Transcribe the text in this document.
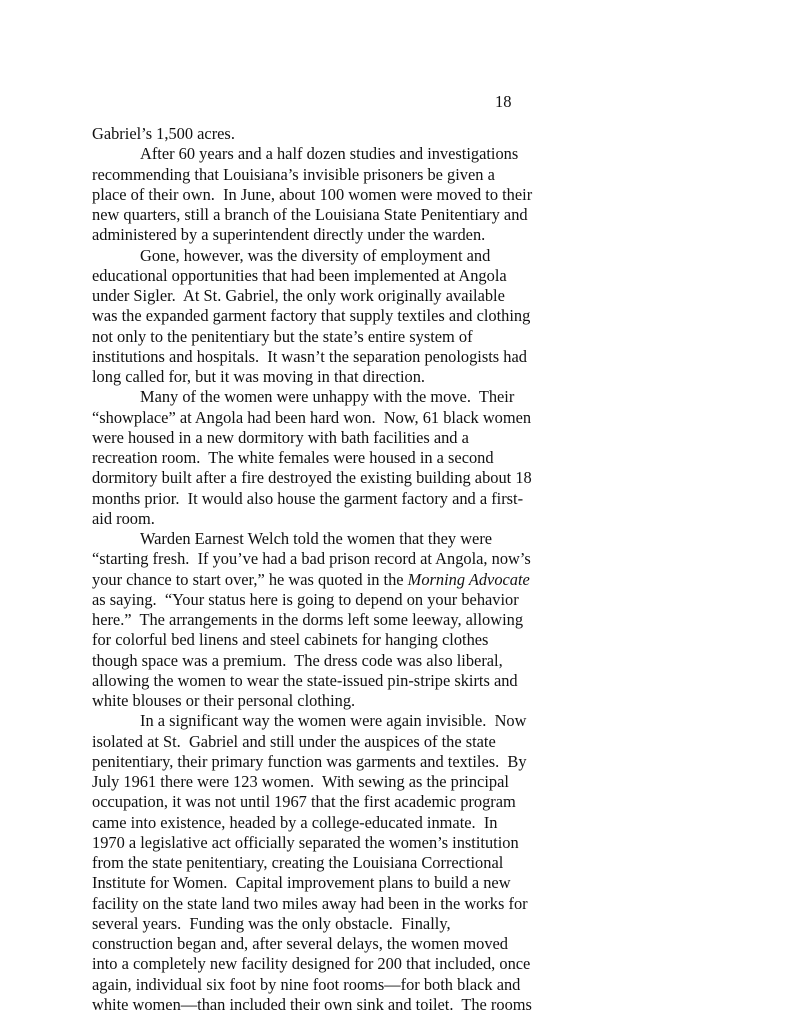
18
Gabriel’s 1,500 acres.
After 60 years and a half dozen studies and investigations
recommending that Louisiana’s invisible prisoners be given a
place of their own.  In June, about 100 women were moved to their
new quarters, still a branch of the Louisiana State Penitentiary and
administered by a superintendent directly under the warden.
Gone, however, was the diversity of employment and
educational opportunities that had been implemented at Angola
under Sigler.  At St. Gabriel, the only work originally available
was the expanded garment factory that supply textiles and clothing
not only to the penitentiary but the state’s entire system of
institutions and hospitals.  It wasn’t the separation penologists had
long called for, but it was moving in that direction.
Many of the women were unhappy with the move.  Their
“showplace” at Angola had been hard won.  Now, 61 black women
were housed in a new dormitory with bath facilities and a
recreation room.  The white females were housed in a second
dormitory built after a fire destroyed the existing building about 18
months prior.  It would also house the garment factory and a first-
aid room.
Warden Earnest Welch told the women that they were
“starting fresh.  If you’ve had a bad prison record at Angola, now’s
your chance to start over,” he was quoted in the Morning Advocate
as saying.  “Your status here is going to depend on your behavior
here.”  The arrangements in the dorms left some leeway, allowing
for colorful bed linens and steel cabinets for hanging clothes
though space was a premium.  The dress code was also liberal,
allowing the women to wear the state-issued pin-stripe skirts and
white blouses or their personal clothing.
In a significant way the women were again invisible.  Now
isolated at St.  Gabriel and still under the auspices of the state
penitentiary, their primary function was garments and textiles.  By
July 1961 there were 123 women.  With sewing as the principal
occupation, it was not until 1967 that the first academic program
came into existence, headed by a college-educated inmate.  In
1970 a legislative act officially separated the women’s institution
from the state penitentiary, creating the Louisiana Correctional
Institute for Women.  Capital improvement plans to build a new
facility on the state land two miles away had been in the works for
several years.  Funding was the only obstacle.  Finally,
construction began and, after several delays, the women moved
into a completely new facility designed for 200 that included, once
again, individual six foot by nine foot rooms—for both black and
white women—than included their own sink and toilet.  The rooms
